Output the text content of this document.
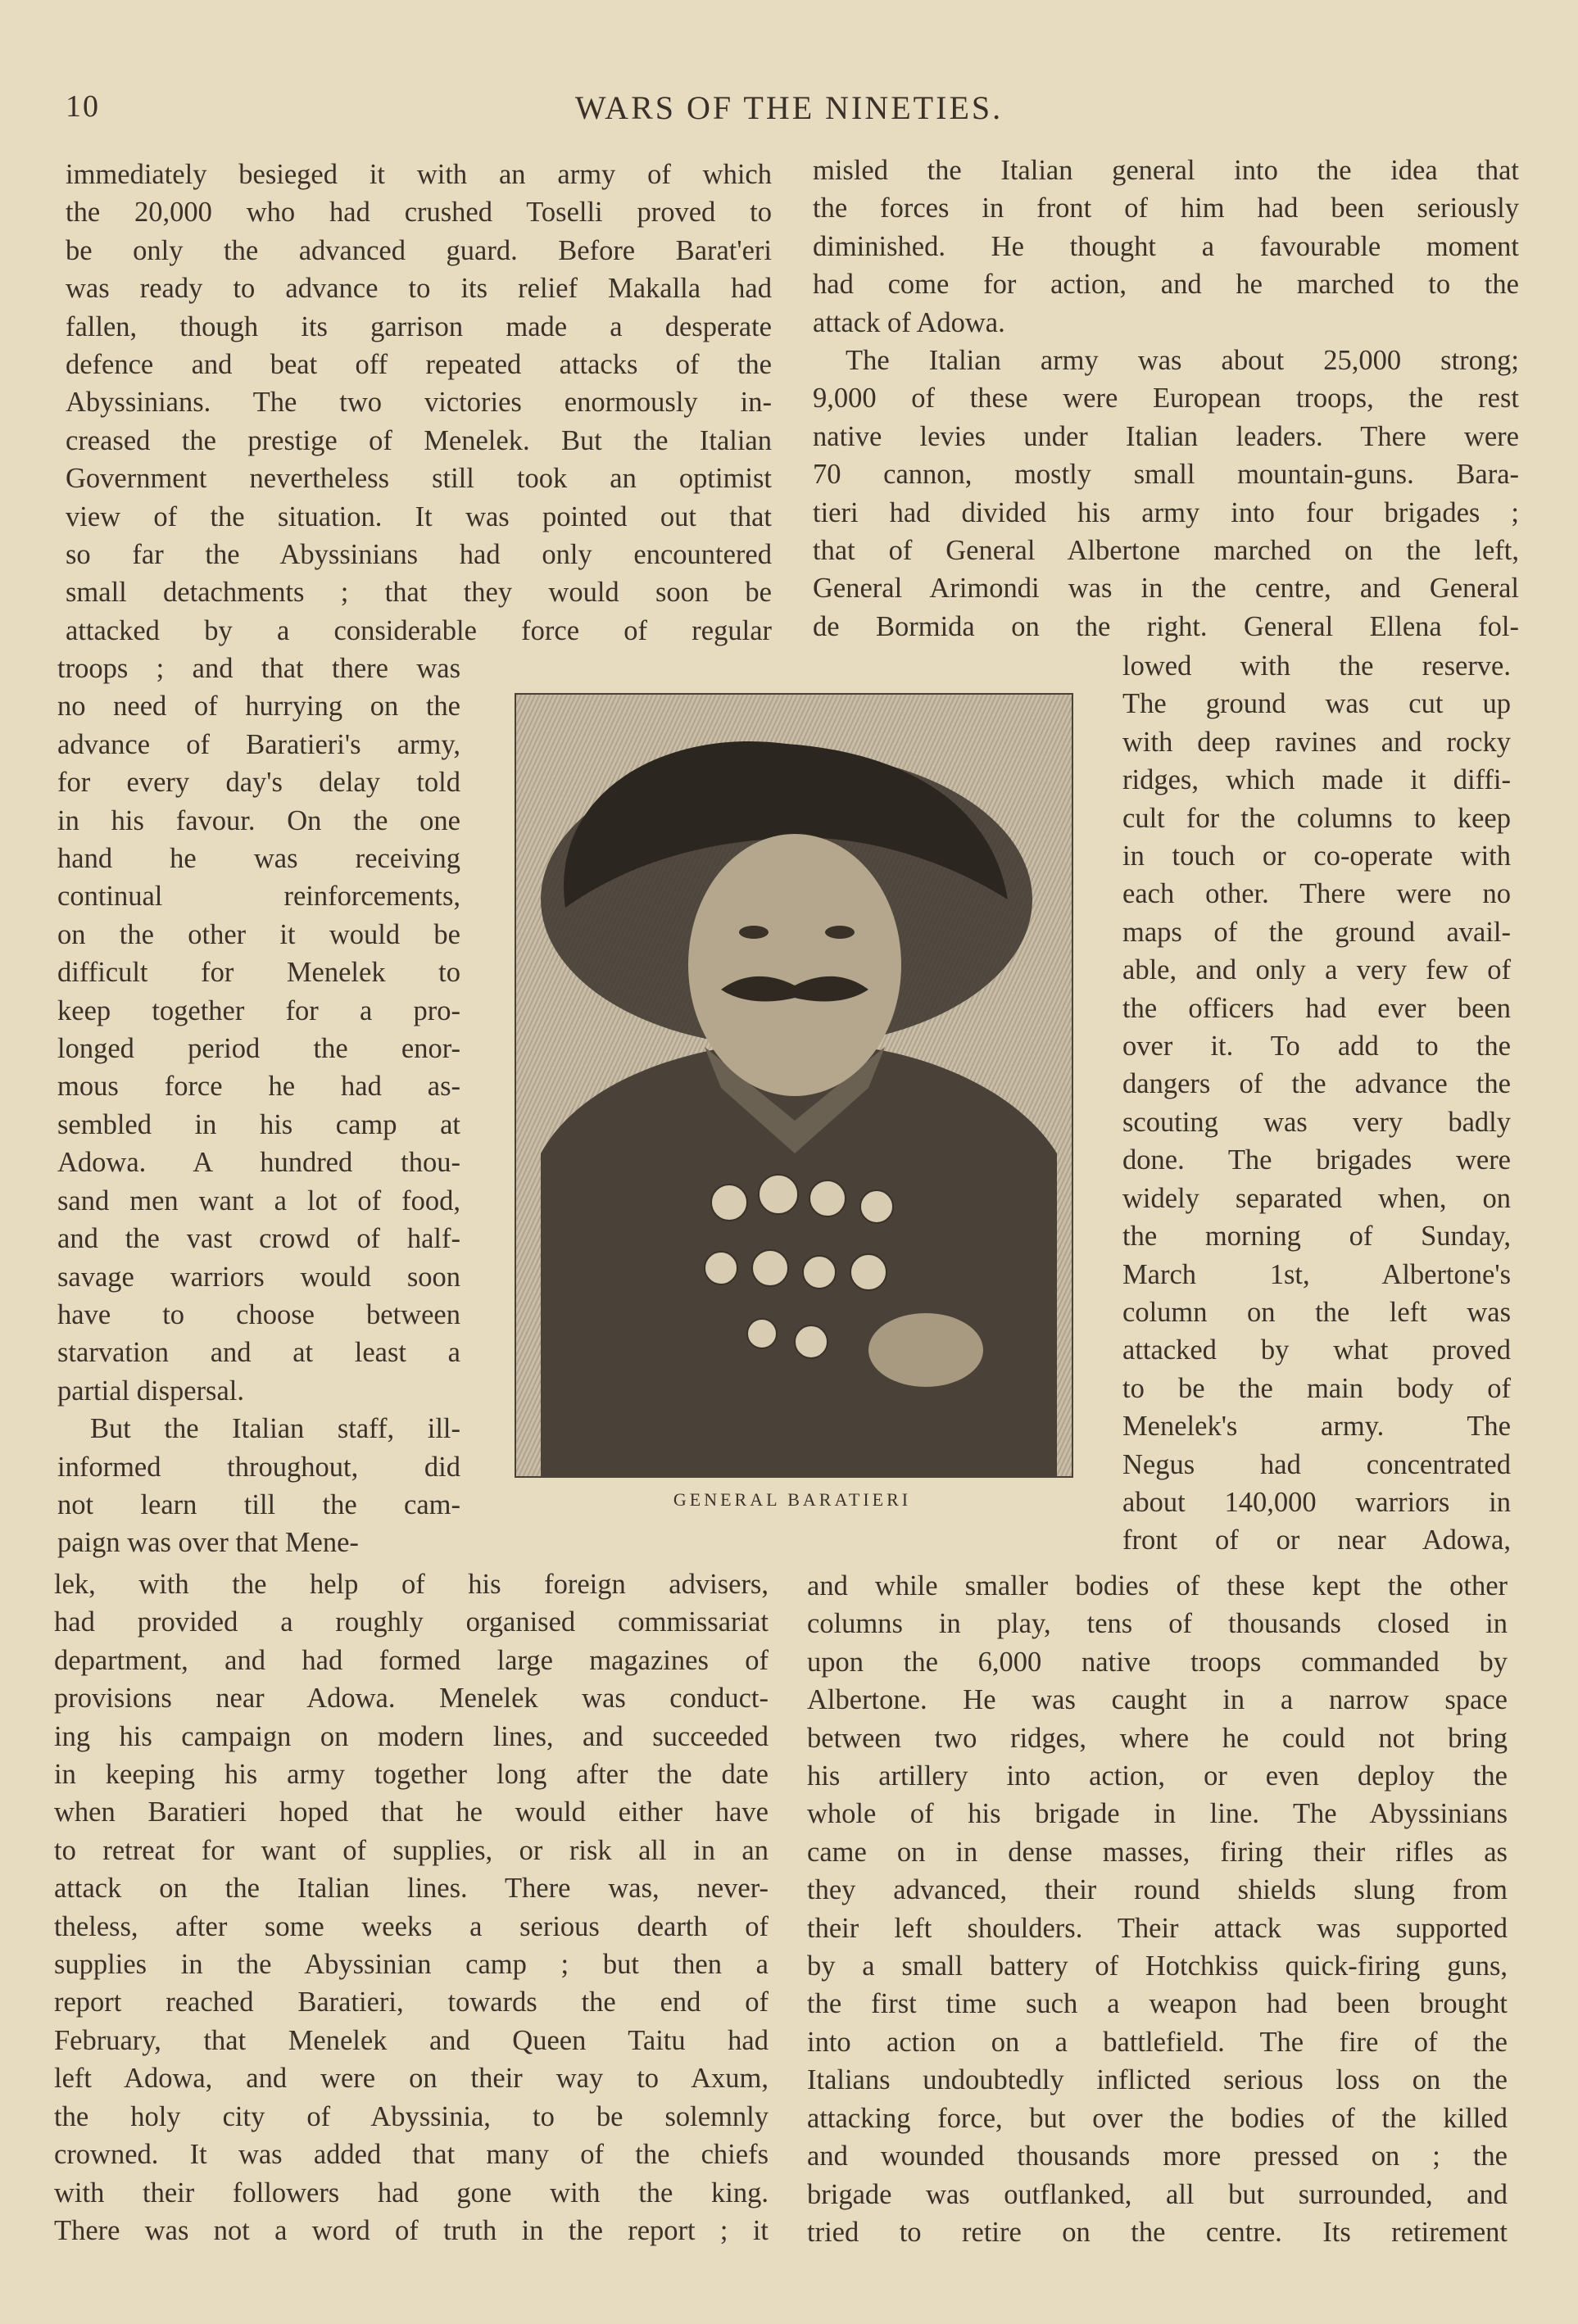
10	WARS OF THE NINETIES.
immediately besieged it with an army of which
the 20,000 who had crushed Toselli proved to
be only the advanced guard. Before Barat'eri
was ready to advance to its relief Makalla had
fallen, though its garrison made a desperate
defence and beat off repeated attacks of the
Abyssinians. The two victories enormously in-
creased the prestige of Menelek. But the Italian
Government nevertheless still took an optimist
view of the situation. It was pointed out that
so far the Abyssinians had only encountered
small detachments ; that they would soon be
attacked by a considerable force of regular
troops ; and that there was
no need of hurrying on the
advance of Baratieri's army,
for every day's delay told
in his favour. On the one
hand he was receiving
continual reinforcements,
on the other it would be
difficult for Menelek to
keep together for a pro-
longed period the enor-
mous force he had as-
sembled in his camp at
Adowa. A hundred thou-
sand men want a lot of food,
and the vast crowd of half-
savage warriors would soon
have to choose between
starvation and at least a
partial dispersal.
But the Italian staff, ill-
informed throughout, did
not learn till the cam-
paign was over that Mene-
lek, with the help of his foreign advisers,
had provided a roughly organised commissariat
department, and had formed large magazines of
provisions near Adowa. Menelek was conduct-
ing his campaign on modern lines, and succeeded
in keeping his army together long after the date
when Baratieri hoped that he would either have
to retreat for want of supplies, or risk all in an
attack on the Italian lines. There was, never-
theless, after some weeks a serious dearth of
supplies in the Abyssinian camp ; but then a
report reached Baratieri, towards the end of
February, that Menelek and Queen Taitu had
left Adowa, and were on their way to Axum,
the holy city of Abyssinia, to be solemnly
crowned. It was added that many of the chiefs
with their followers had gone with the king.
There was not a word of truth in the report ; it
misled the Italian general into the idea that
the forces in front of him had been seriously
diminished. He thought a favourable moment
had come for action, and he marched to the
attack of Adowa.
The Italian army was about 25,000 strong;
9,000 of these were European troops, the rest
native levies under Italian leaders. There were
70 cannon, mostly small mountain-guns. Bara-
tieri had divided his army into four brigades ;
that of General Albertone marched on the left,
General Arimondi was in the centre, and General
de Bormida on the right. General Ellena fol-
lowed with the reserve.
The ground was cut up
with deep ravines and rocky
ridges, which made it diffi-
cult for the columns to keep
in touch or co-operate with
each other. There were no
maps of the ground avail-
able, and only a very few of
the officers had ever been
over it. To add to the
dangers of the advance the
scouting was very badly
done. The brigades were
widely separated when, on
the morning of Sunday,
March 1st, Albertone's
column on the left was
attacked by what proved
to be the main body of
Menelek's army. The
Negus had concentrated
about 140,000 warriors in
front of or near Adowa,
and while smaller bodies of these kept the other
columns in play, tens of thousands closed in
upon the 6,000 native troops commanded by
Albertone. He was caught in a narrow space
between two ridges, where he could not bring
his artillery into action, or even deploy the
whole of his brigade in line. The Abyssinians
came on in dense masses, firing their rifles as
they advanced, their round shields slung from
their left shoulders. Their attack was supported
by a small battery of Hotchkiss quick-firing guns,
the first time such a weapon had been brought
into action on a battlefield. The fire of the
Italians undoubtedly inflicted serious loss on the
attacking force, but over the bodies of the killed
and wounded thousands more pressed on ; the
brigade was outflanked, all but surrounded, and
tried to retire on the centre. Its retirement
GENERAL BARATIERI
